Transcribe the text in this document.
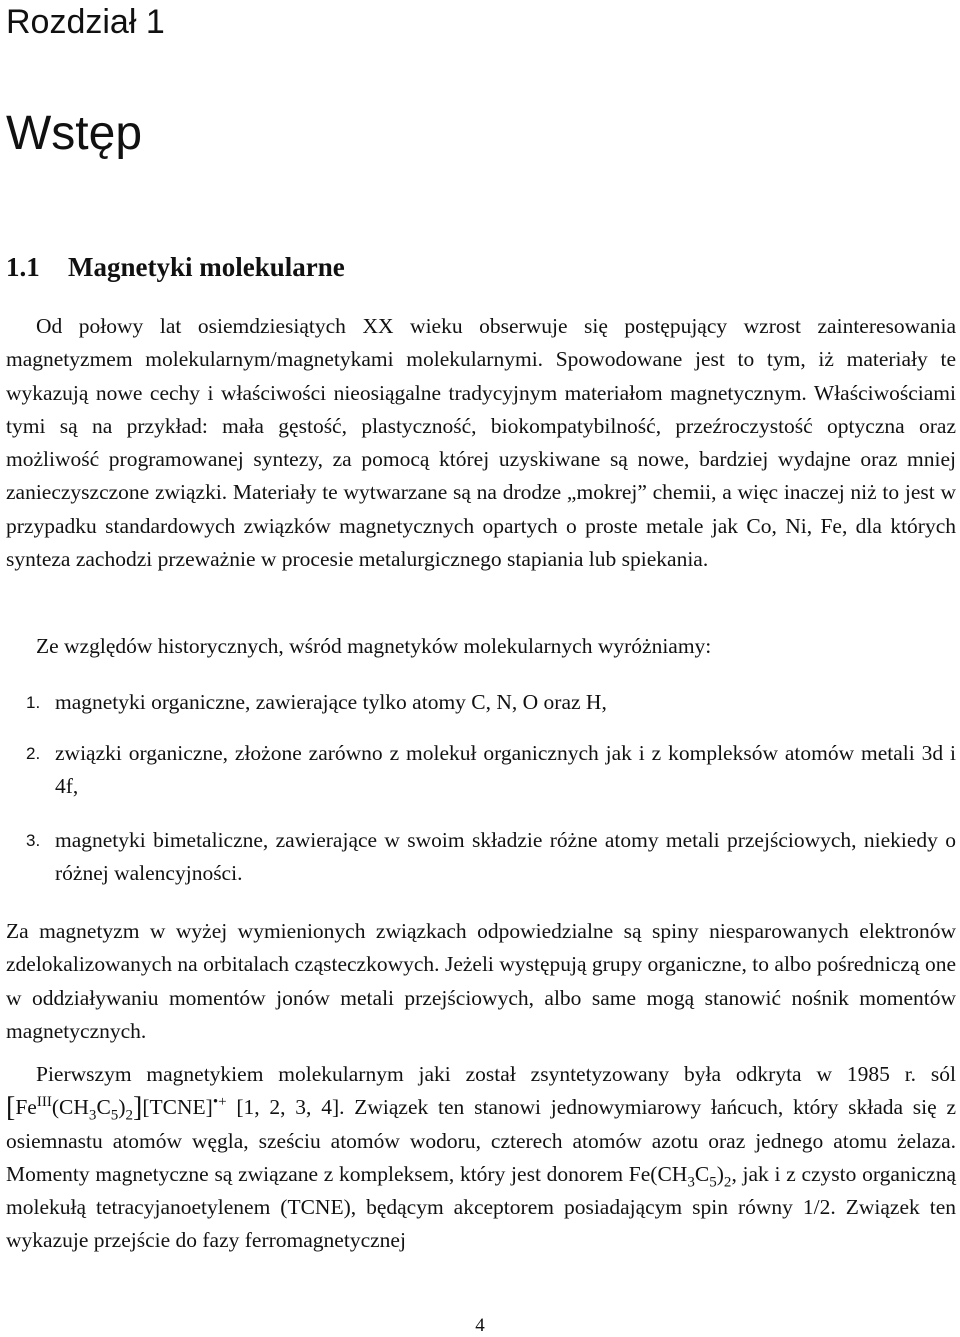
Rozdział 1
Wstęp
1.1 Magnetyki molekularne

Od połowy lat osiemdziesiątych XX wieku obserwuje się postępujący wzrost zainteresowania magnetyzmem molekularnym/magnetykami molekularnymi. Spowodowane jest to tym, iż materiały te wykazują nowe cechy i właściwości nieosiągalne tradycyjnym materiałom magnetycznym. Właściwościami tymi są na przykład: mała gęstość, plastyczność, biokompatybilność, przeźroczystość optyczna oraz możliwość programowanej syntezy, za pomocą której uzyskiwane są nowe, bardziej wydajne oraz mniej zanieczyszczone związki. Materiały te wytwarzane są na drodze „mokrej” chemii, a więc inaczej niż to jest w przypadku standardowych związków magnetycznych opartych o proste metale jak Co, Ni, Fe, dla których synteza zachodzi przeważnie w procesie metalurgicznego stapiania lub spiekania.

Ze względów historycznych, wśród magnetyków molekularnych wyróżniamy:

1. magnetyki organiczne, zawierające tylko atomy C, N, O oraz H,
2. związki organiczne, złożone zarówno z molekuł organicznych jak i z kompleksów atomów metali 3d i 4f,
3. magnetyki bimetaliczne, zawierające w swoim składzie różne atomy metali przejściowych, niekiedy o różnej walencyjności.

Za magnetyzm w wyżej wymienionych związkach odpowiedzialne są spiny niesparowanych elektronów zdelokalizowanych na orbitalach cząsteczkowych. Jeżeli występują grupy organiczne, to albo pośredniczą one w oddziaływaniu momentów jonów metali przejściowych, albo same mogą stanowić nośnik momentów magnetycznych.

Pierwszym magnetykiem molekularnym jaki został zsyntetyzowany była odkryta w 1985 r. sól $[Fe^{III}(CH_3C_5)_2][TCNE]^{•+}$ [1, 2, 3, 4]. Związek ten stanowi jednowymiarowy łańcuch, który składa się z osiemnastu atomów węgla, sześciu atomów wodoru, czterech atomów azotu oraz jednego atomu żelaza. Momenty magnetyczne są związane z kompleksem, który jest donorem $Fe(CH_3C_5)_2$, jak i z czysto organiczną molekułą tetracyjanoetylenem (TCNE), będącym akceptorem posiadającym spin równy 1/2. Związek ten wykazuje przejście do fazy ferromagnetycznej

4
